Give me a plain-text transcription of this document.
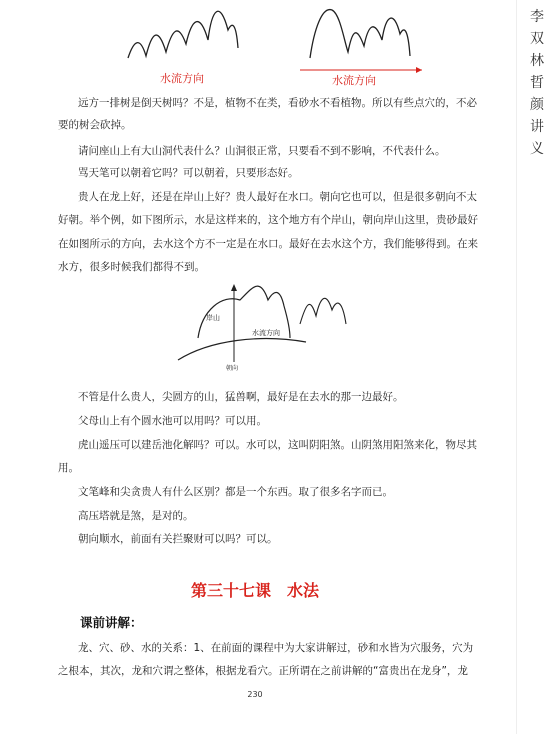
李
双
林
晢
颜
讲
义
水流方向	水流方向
远方一排树是倒天树吗？不是，植物不在类，看砂水不看植物。所以有些点穴的，不必
要的树会砍掉。
请问座山上有大山洞代表什么？山洞很正常，只要看不到不影响，不代表什么。
骂天笔可以朝着它吗？可以朝着，只要形态好。
贵人在龙上好，还是在岸山上好？贵人最好在水口。朝向它也可以，但是很多朝向不太
好朝。举个例，如下图所示，水是这样来的，这个地方有个岸山，朝向岸山这里，贵砂最好
在如图所示的方向，去水这个方不一定是在水口。最好在去水这个方，我们能够得到。在来
水方，很多时候我们都得不到。
岸山
水流方向
朝向
不管是什么贵人，尖圆方的山，猛兽啊，最好是在去水的那一边最好。
父母山上有个圆水池可以用吗？可以用。
虎山遥压可以建岳池化解吗？可以。水可以，这叫阴阳煞。山阴煞用阳煞来化，物尽其
用。
文笔峰和尖贪贵人有什么区别？都是一个东西。取了很多名字而已。
高压塔就是煞，是对的。
朝向顺水，前面有关拦聚财可以吗？可以。
第三十七课　水法
课前讲解：
龙、穴、砂、水的关系：1、在前面的课程中为大家讲解过，砂和水皆为穴服务，穴为
之根本，其次，龙和穴谓之整体，根据龙看穴。正所谓在之前讲解的“富贵出在龙身”，龙
230
